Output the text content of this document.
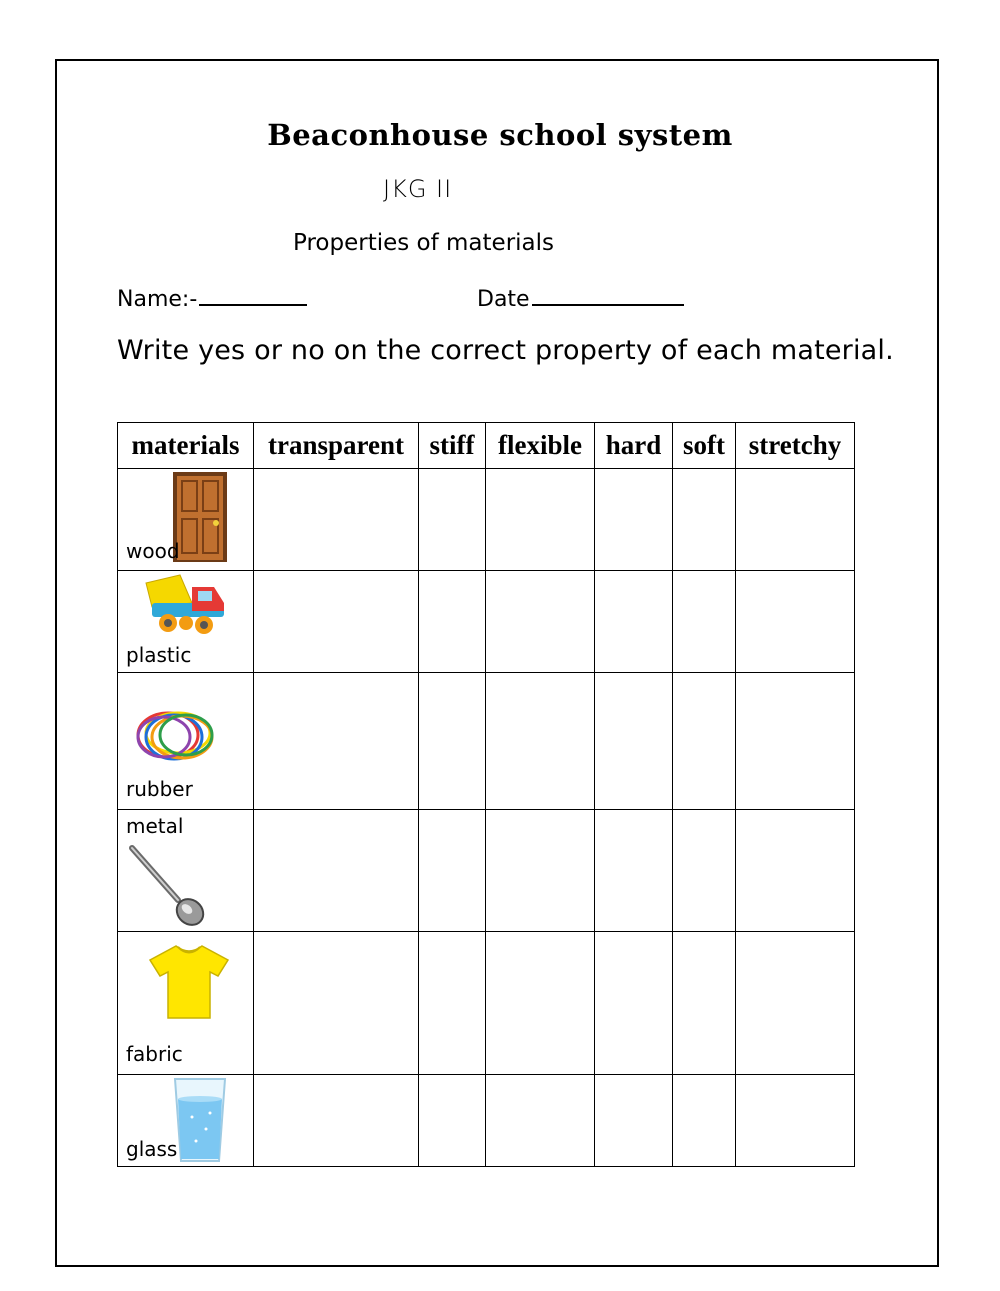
Beaconhouse school system
JKG II
Properties of materials
Name:-	Date
Write yes or no on the correct property of each material.
materials	transparent	stiff	flexible	hard	soft	stretchy

wood						

plastic						

rubber						

metal						

fabric						

glass						
